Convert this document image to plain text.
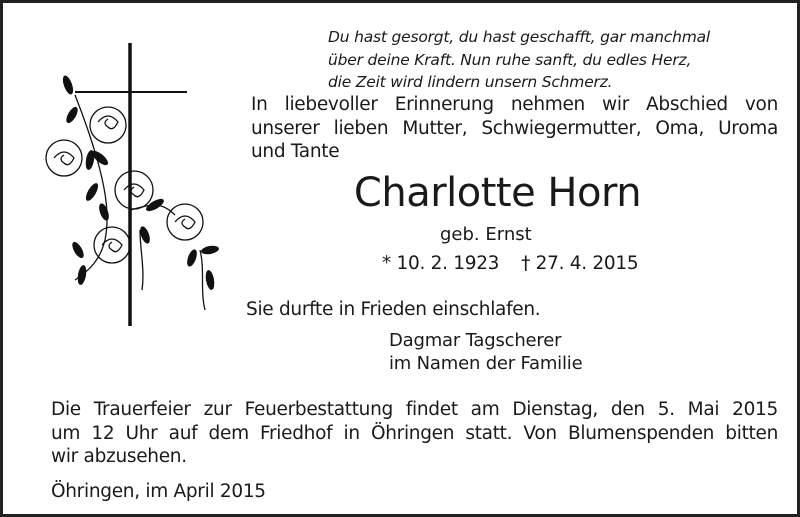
Du hast gesorgt, du hast geschafft, gar manchmal
über deine Kraft. Nun ruhe sanft, du edles Herz,
die Zeit wird lindern unsern Schmerz.
In liebevoller Erinnerung nehmen wir Abschied von
unserer lieben Mutter, Schwiegermutter, Oma, Uroma
und Tante
Charlotte Horn
geb. Ernst
* 10. 2. 1923 † 27. 4. 2015
Sie durfte in Frieden einschlafen.
Dagmar Tagscherer
im Namen der Familie
Die Trauerfeier zur Feuerbestattung findet am Dienstag, den 5. Mai 2015
um 12 Uhr auf dem Friedhof in Öhringen statt. Von Blumenspenden bitten
wir abzusehen.
Öhringen, im April 2015
